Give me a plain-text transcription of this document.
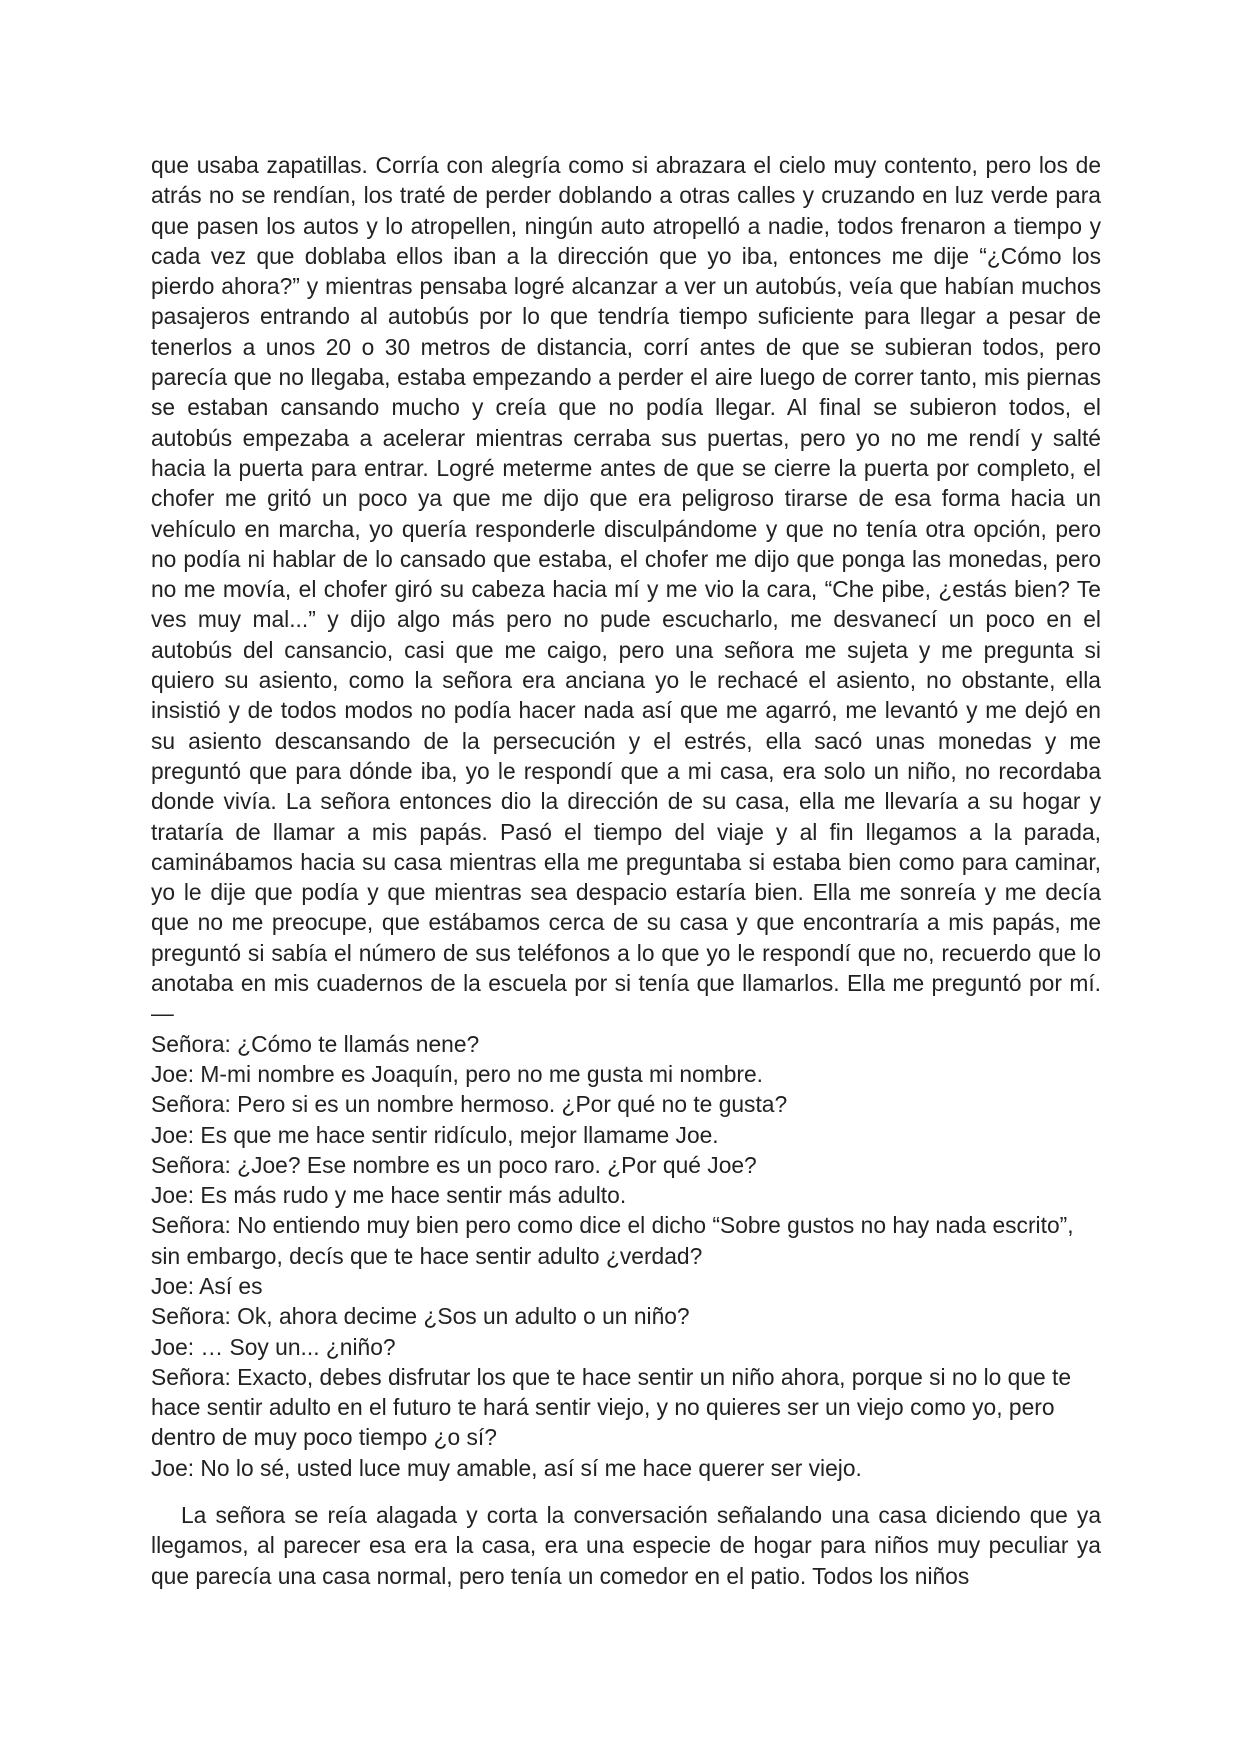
que usaba zapatillas. Corría con alegría como si abrazara el cielo muy contento, pero los de atrás no se rendían, los traté de perder doblando a otras calles y cruzando en luz verde para que pasen los autos y lo atropellen, ningún auto atropelló a nadie, todos frenaron a tiempo y cada vez que doblaba ellos iban a la dirección que yo iba, entonces me dije “¿Cómo los pierdo ahora?” y mientras pensaba logré alcanzar a ver un autobús, veía que habían muchos pasajeros entrando al autobús por lo que tendría tiempo suficiente para llegar a pesar de tenerlos a unos 20 o 30 metros de distancia, corrí antes de que se subieran todos, pero parecía que no llegaba, estaba empezando a perder el aire luego de correr tanto, mis piernas se estaban cansando mucho y creía que no podía llegar. Al final se subieron todos, el autobús empezaba a acelerar mientras cerraba sus puertas, pero yo no me rendí y salté hacia la puerta para entrar. Logré meterme antes de que se cierre la puerta por completo, el chofer me gritó un poco ya que me dijo que era peligroso tirarse de esa forma hacia un vehículo en marcha, yo quería responderle disculpándome y que no tenía otra opción, pero no podía ni hablar de lo cansado que estaba, el chofer me dijo que ponga las monedas, pero no me movía, el chofer giró su cabeza hacia mí y me vio la cara, “Che pibe, ¿estás bien? Te ves muy mal...” y dijo algo más pero no pude escucharlo, me desvanecí un poco en el autobús del cansancio, casi que me caigo, pero una señora me sujeta y me pregunta si quiero su asiento, como la señora era anciana yo le rechacé el asiento, no obstante, ella insistió y de todos modos no podía hacer nada así que me agarró, me levantó y me dejó en su asiento descansando de la persecución y el estrés, ella sacó unas monedas y me preguntó que para dónde iba, yo le respondí que a mi casa, era solo un niño, no recordaba donde vivía. La señora entonces dio la dirección de su casa, ella me llevaría a su hogar y trataría de llamar a mis papás. Pasó el tiempo del viaje y al fin llegamos a la parada, caminábamos hacia su casa mientras ella me preguntaba si estaba bien como para caminar, yo le dije que podía y que mientras sea despacio estaría bien. Ella me sonreía y me decía que no me preocupe, que estábamos cerca de su casa y que encontraría a mis papás, me preguntó si sabía el número de sus teléfonos a lo que yo le respondí que no, recuerdo que lo anotaba en mis cuadernos de la escuela por si tenía que llamarlos. Ella me preguntó por mí. —

Señora: ¿Cómo te llamás nene?
Joe: M-mi nombre es Joaquín, pero no me gusta mi nombre.
Señora: Pero si es un nombre hermoso. ¿Por qué no te gusta?
Joe: Es que me hace sentir ridículo, mejor llamame Joe.
Señora: ¿Joe? Ese nombre es un poco raro. ¿Por qué Joe?
Joe: Es más rudo y me hace sentir más adulto.
Señora: No entiendo muy bien pero como dice el dicho “Sobre gustos no hay nada escrito”, sin embargo, decís que te hace sentir adulto ¿verdad?
Joe: Así es
Señora: Ok, ahora decime ¿Sos un adulto o un niño?
Joe: … Soy un... ¿niño?
Señora: Exacto, debes disfrutar los que te hace sentir un niño ahora, porque si no lo que te hace sentir adulto en el futuro te hará sentir viejo, y no quieres ser un viejo como yo, pero dentro de muy poco tiempo ¿o sí?
Joe: No lo sé, usted luce muy amable, así sí me hace querer ser viejo.

La señora se reía alagada y corta la conversación señalando una casa diciendo que ya llegamos, al parecer esa era la casa, era una especie de hogar para niños muy peculiar ya que parecía una casa normal, pero tenía un comedor en el patio. Todos los niños
